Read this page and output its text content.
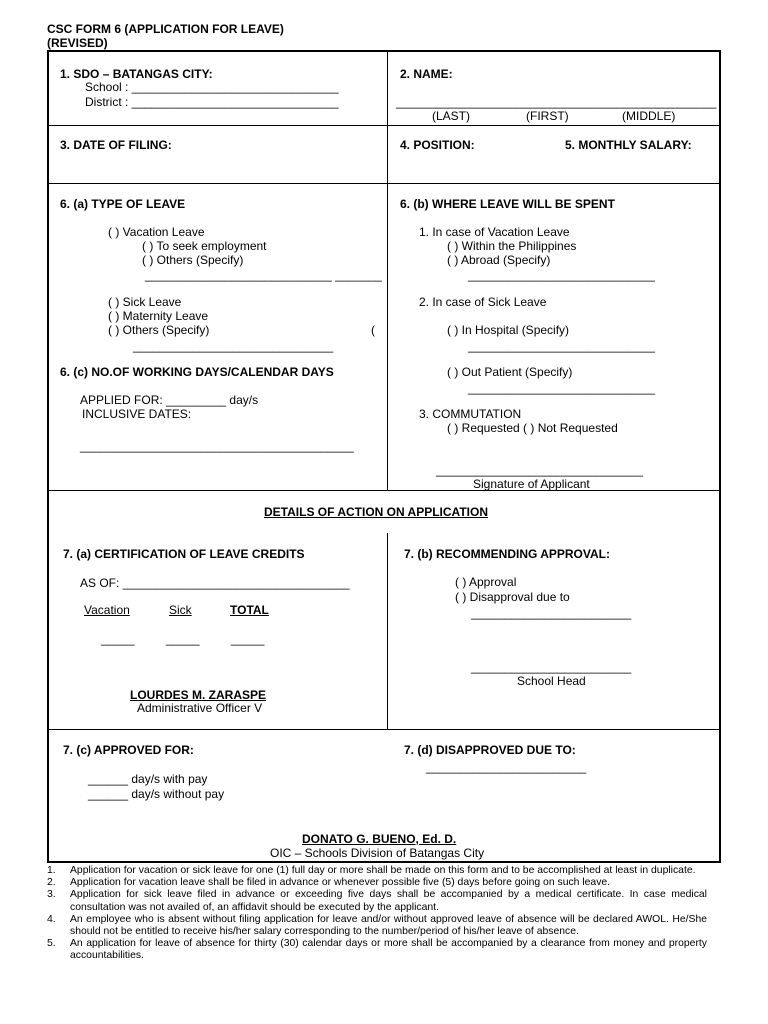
CSC FORM 6 (APPLICATION FOR LEAVE)
(REVISED)
1. SDO – BATANGAS CITY:
School : _______________________________
District : _______________________________
2. NAME:
________________________________________________
(LAST)	(FIRST)	(MIDDLE)
3. DATE OF FILING:	4. POSITION:	5. MONTHLY SALARY:
6. (a) TYPE OF LEAVE
( ) Vacation Leave
( ) To seek employment
( ) Others (Specify)
____________________________ _______
( ) Sick Leave
( ) Maternity Leave
( ) Others (Specify)	(
______________________________
6. (c) NO.OF WORKING DAYS/CALENDAR DAYS
APPLIED FOR: _________ day/s
INCLUSIVE DATES:
_________________________________________
6. (b) WHERE LEAVE WILL BE SPENT
1. In case of Vacation Leave
( ) Within the Philippines
( ) Abroad (Specify)
____________________________
2. In case of Sick Leave
( ) In Hospital (Specify)
____________________________
( ) Out Patient (Specify)
____________________________
3. COMMUTATION
( ) Requested ( ) Not Requested
_______________________________
Signature of Applicant
DETAILS OF ACTION ON APPLICATION
7. (a) CERTIFICATION OF LEAVE CREDITS
AS OF: __________________________________
Vacation	Sick	TOTAL
_____	_____	_____
LOURDES M. ZARASPE
Administrative Officer V
7. (b) RECOMMENDING APPROVAL:
( ) Approval
( ) Disapproval due to
________________________
________________________
School Head
7. (c) APPROVED FOR:
______ day/s with pay
______ day/s without pay
7. (d) DISAPPROVED DUE TO:
________________________
DONATO G. BUENO, Ed. D.
OIC – Schools Division of Batangas City
1.	Application for vacation or sick leave for one (1) full day or more shall be made on this form and to be accomplished at least in duplicate.
2.	Application for vacation leave shall be filed in advance or whenever possible five (5) days before going on such leave.
3.	Application for sick leave filed in advance or exceeding five days shall be accompanied by a medical certificate. In case medical consultation was not availed of, an affidavit should be executed by the applicant.
4.	An employee who is absent without filing application for leave and/or without approved leave of absence will be declared AWOL. He/She should not be entitled to receive his/her salary corresponding to the number/period of his/her leave of absence.
5.	An application for leave of absence for thirty (30) calendar days or more shall be accompanied by a clearance from money and property accountabilities.
